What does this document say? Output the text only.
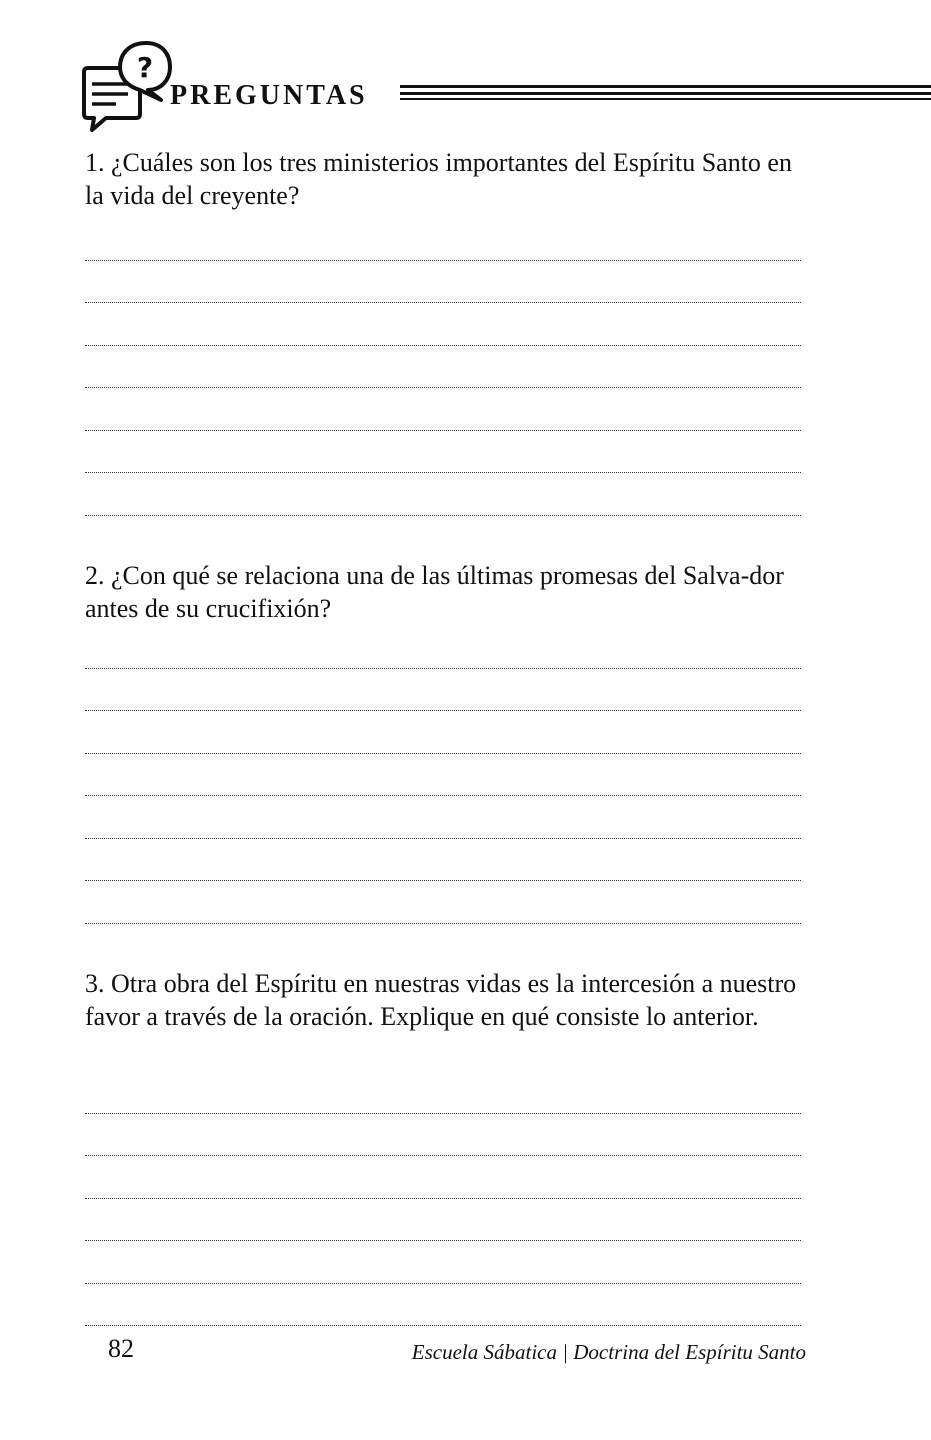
?
PREGUNTAS

1. ¿Cuáles son los tres ministerios importantes del Espíritu Santo en la vida del creyente?

2. ¿Con qué se relaciona una de las últimas promesas del Salva-dor antes de su crucifixión?

3. Otra obra del Espíritu en nuestras vidas es la intercesión a nuestro favor a través de la oración. Explique en qué consiste lo anterior.

82	Escuela Sábatica | Doctrina del Espíritu Santo
